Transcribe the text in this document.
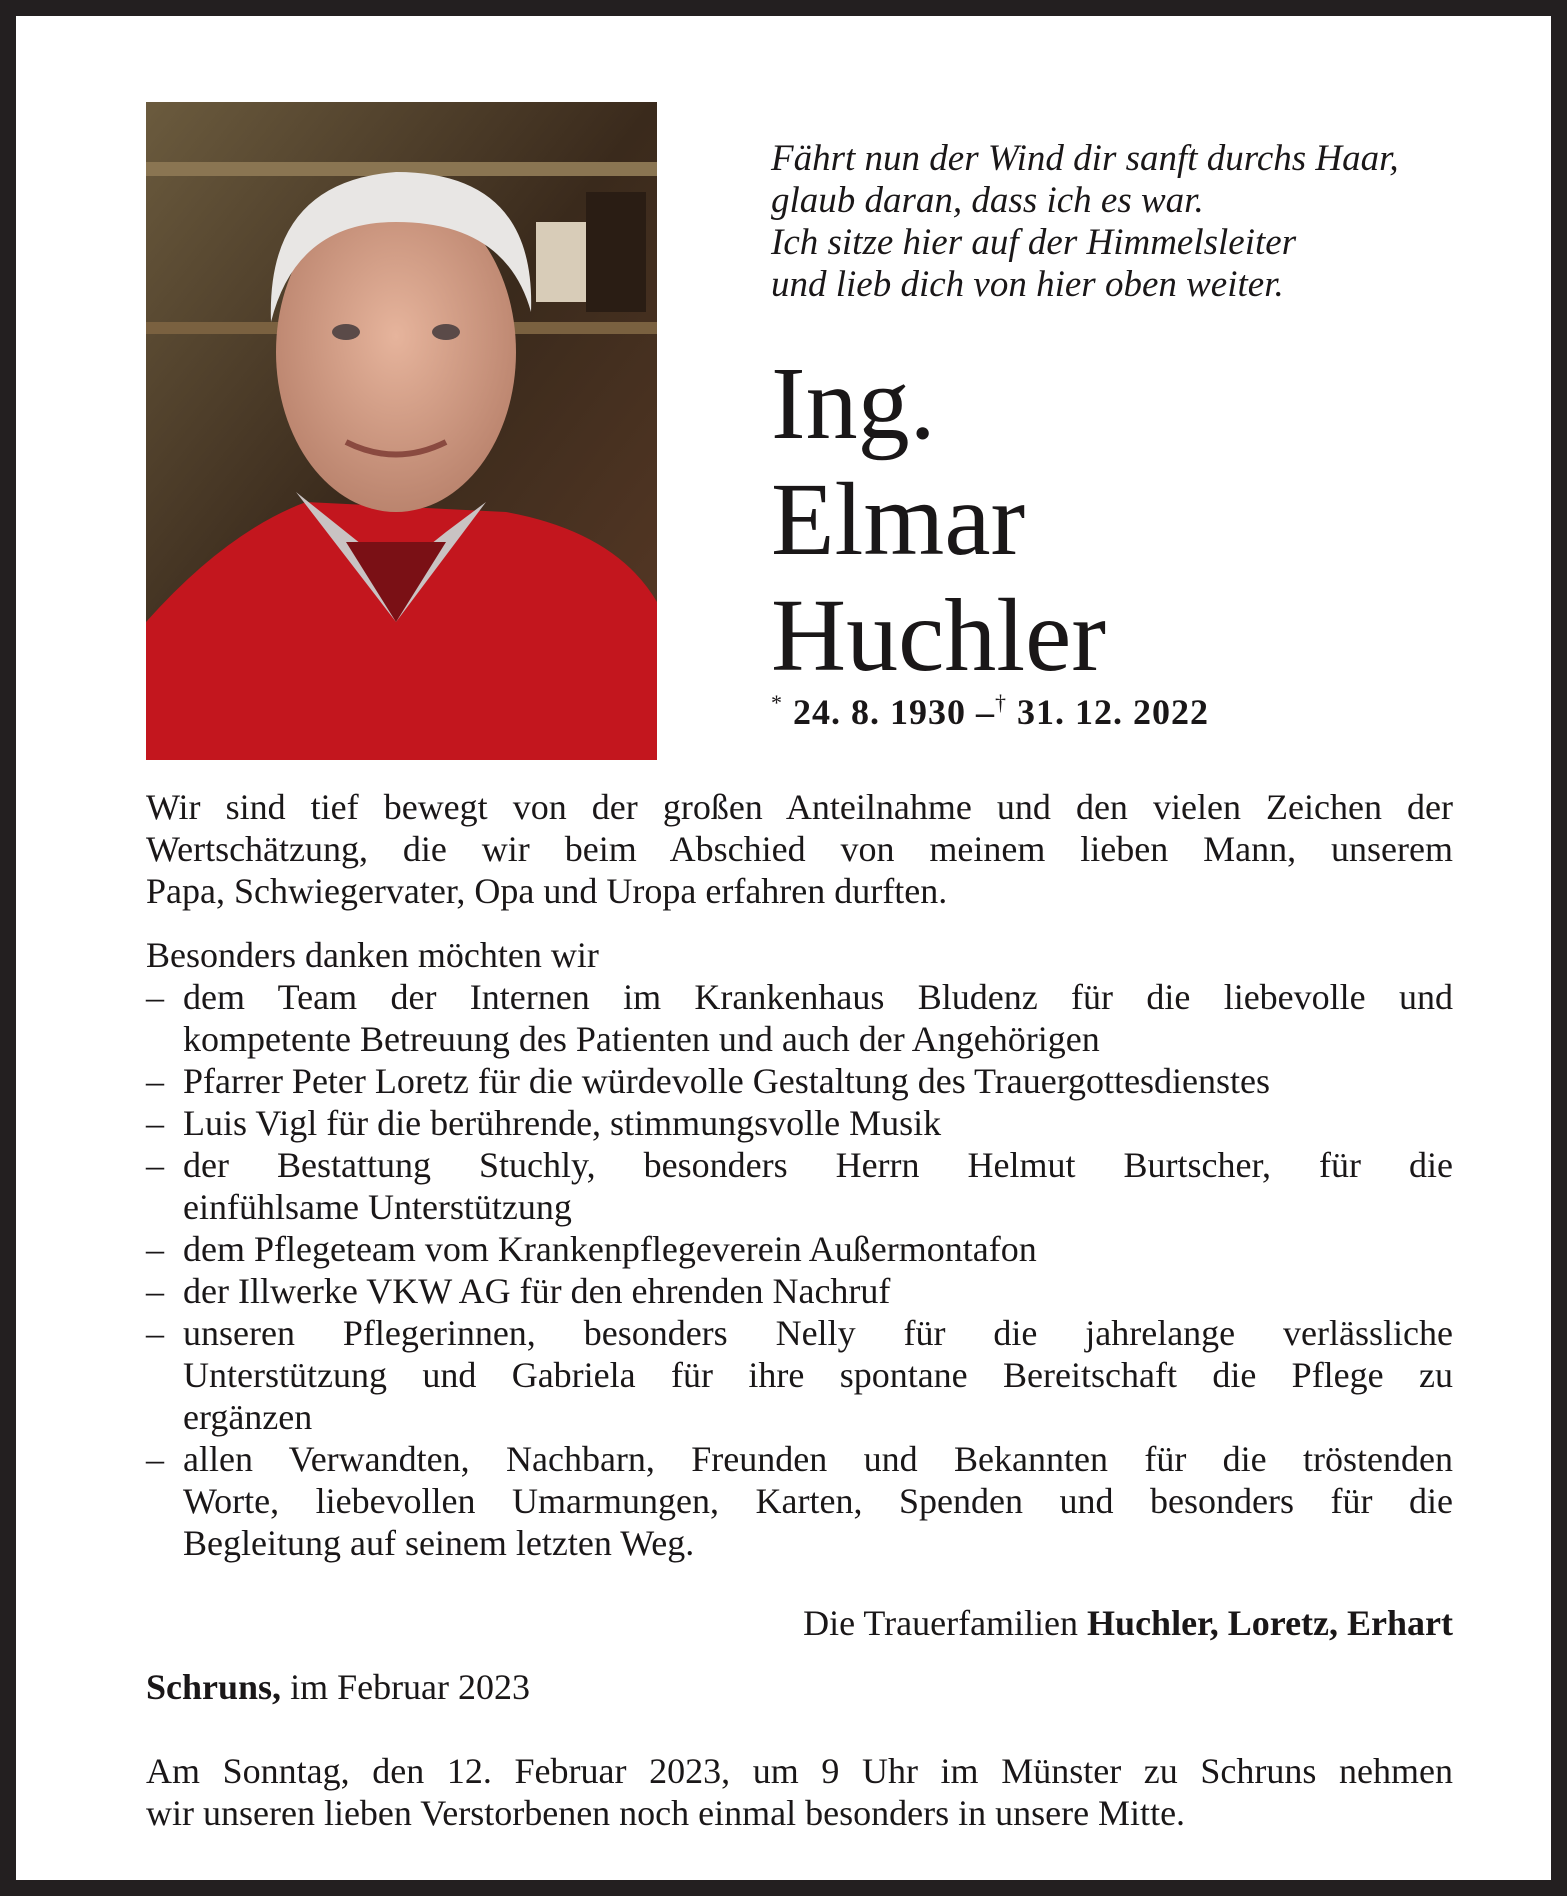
Fährt nun der Wind dir sanft durchs Haar,
glaub daran, dass ich es war.
Ich sitze hier auf der Himmelsleiter
und lieb dich von hier oben weiter.
Ing.
Elmar
Huchler
* 24. 8. 1930 –† 31. 12. 2022
Wir sind tief bewegt von der großen Anteilnahme und den vielen Zeichen der
Wertschätzung, die wir beim Abschied von meinem lieben Mann, unserem
Papa, Schwiegervater, Opa und Uropa erfahren durften.
Besonders danken möchten wir
– dem Team der Internen im Krankenhaus Bludenz für die liebevolle und
kompetente Betreuung des Patienten und auch der Angehörigen
– Pfarrer Peter Loretz für die würdevolle Gestaltung des Trauergottesdienstes
– Luis Vigl für die berührende, stimmungsvolle Musik
– der Bestattung Stuchly, besonders Herrn Helmut Burtscher, für die
einfühlsame Unterstützung
– dem Pflegeteam vom Krankenpflegeverein Außermontafon
– der Illwerke VKW AG für den ehrenden Nachruf
– unseren Pflegerinnen, besonders Nelly für die jahrelange verlässliche
Unterstützung und Gabriela für ihre spontane Bereitschaft die Pflege zu
ergänzen
– allen Verwandten, Nachbarn, Freunden und Bekannten für die tröstenden
Worte, liebevollen Umarmungen, Karten, Spenden und besonders für die
Begleitung auf seinem letzten Weg.
Die Trauerfamilien Huchler, Loretz, Erhart
Schruns, im Februar 2023
Am Sonntag, den 12. Februar 2023, um 9 Uhr im Münster zu Schruns nehmen
wir unseren lieben Verstorbenen noch einmal besonders in unsere Mitte.
